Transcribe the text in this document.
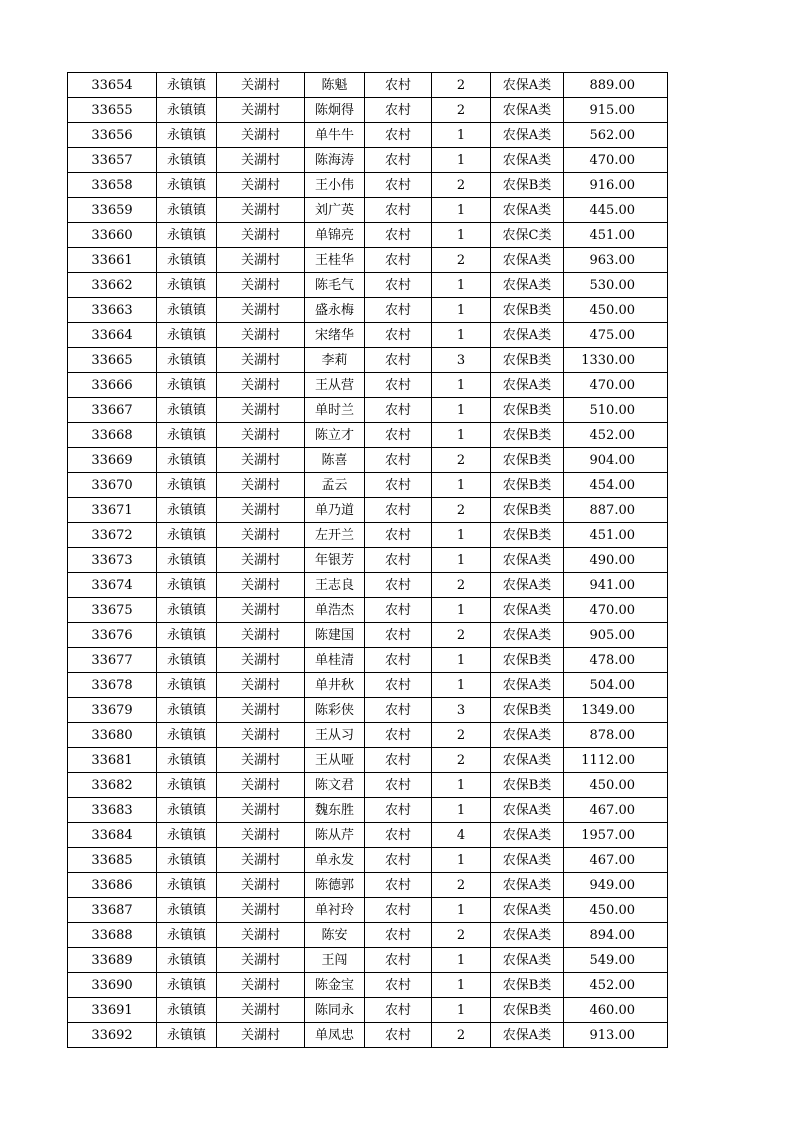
33654	永镇镇	关湖村	陈魁	农村	2	农保A类	889.00
33655	永镇镇	关湖村	陈炯得	农村	2	农保A类	915.00
33656	永镇镇	关湖村	单牛牛	农村	1	农保A类	562.00
33657	永镇镇	关湖村	陈海涛	农村	1	农保A类	470.00
33658	永镇镇	关湖村	王小伟	农村	2	农保B类	916.00
33659	永镇镇	关湖村	刘广英	农村	1	农保A类	445.00
33660	永镇镇	关湖村	单锦亮	农村	1	农保C类	451.00
33661	永镇镇	关湖村	王桂华	农村	2	农保A类	963.00
33662	永镇镇	关湖村	陈毛气	农村	1	农保A类	530.00
33663	永镇镇	关湖村	盛永梅	农村	1	农保B类	450.00
33664	永镇镇	关湖村	宋绪华	农村	1	农保A类	475.00
33665	永镇镇	关湖村	李莉	农村	3	农保B类	1330.00
33666	永镇镇	关湖村	王从营	农村	1	农保A类	470.00
33667	永镇镇	关湖村	单时兰	农村	1	农保B类	510.00
33668	永镇镇	关湖村	陈立才	农村	1	农保B类	452.00
33669	永镇镇	关湖村	陈喜	农村	2	农保B类	904.00
33670	永镇镇	关湖村	孟云	农村	1	农保B类	454.00
33671	永镇镇	关湖村	单乃道	农村	2	农保B类	887.00
33672	永镇镇	关湖村	左开兰	农村	1	农保B类	451.00
33673	永镇镇	关湖村	年银芳	农村	1	农保A类	490.00
33674	永镇镇	关湖村	王志良	农村	2	农保A类	941.00
33675	永镇镇	关湖村	单浩杰	农村	1	农保A类	470.00
33676	永镇镇	关湖村	陈建国	农村	2	农保A类	905.00
33677	永镇镇	关湖村	单桂清	农村	1	农保B类	478.00
33678	永镇镇	关湖村	单井秋	农村	1	农保A类	504.00
33679	永镇镇	关湖村	陈彩侠	农村	3	农保B类	1349.00
33680	永镇镇	关湖村	王从习	农村	2	农保A类	878.00
33681	永镇镇	关湖村	王从哑	农村	2	农保A类	1112.00
33682	永镇镇	关湖村	陈文君	农村	1	农保B类	450.00
33683	永镇镇	关湖村	魏东胜	农村	1	农保A类	467.00
33684	永镇镇	关湖村	陈从芹	农村	4	农保A类	1957.00
33685	永镇镇	关湖村	单永发	农村	1	农保A类	467.00
33686	永镇镇	关湖村	陈德郭	农村	2	农保A类	949.00
33687	永镇镇	关湖村	单衬玲	农村	1	农保A类	450.00
33688	永镇镇	关湖村	陈安	农村	2	农保A类	894.00
33689	永镇镇	关湖村	王闯	农村	1	农保A类	549.00
33690	永镇镇	关湖村	陈金宝	农村	1	农保B类	452.00
33691	永镇镇	关湖村	陈同永	农村	1	农保B类	460.00
33692	永镇镇	关湖村	单凤忠	农村	2	农保A类	913.00
